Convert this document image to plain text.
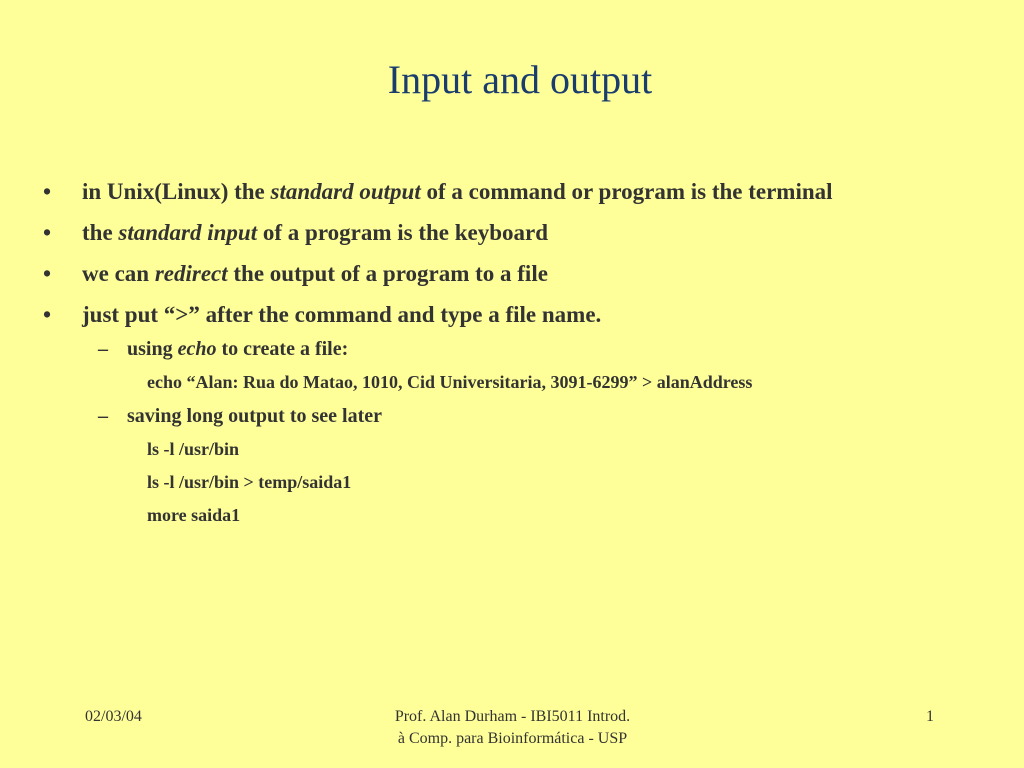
Input and output
• in Unix(Linux) the standard output of a command or program is the terminal
• the standard input of a program is the keyboard
• we can redirect the output of a program to a file
• just put “>” after the command and type a file name.
– using echo to create a file:
echo “Alan: Rua do Matao, 1010, Cid Universitaria, 3091-6299” > alanAddress
– saving long output to see later
ls -l /usr/bin
ls -l /usr/bin > temp/saida1
more saida1
02/03/04	Prof. Alan Durham - IBI5011 Introd.
à Comp. para Bioinformática - USP
1
